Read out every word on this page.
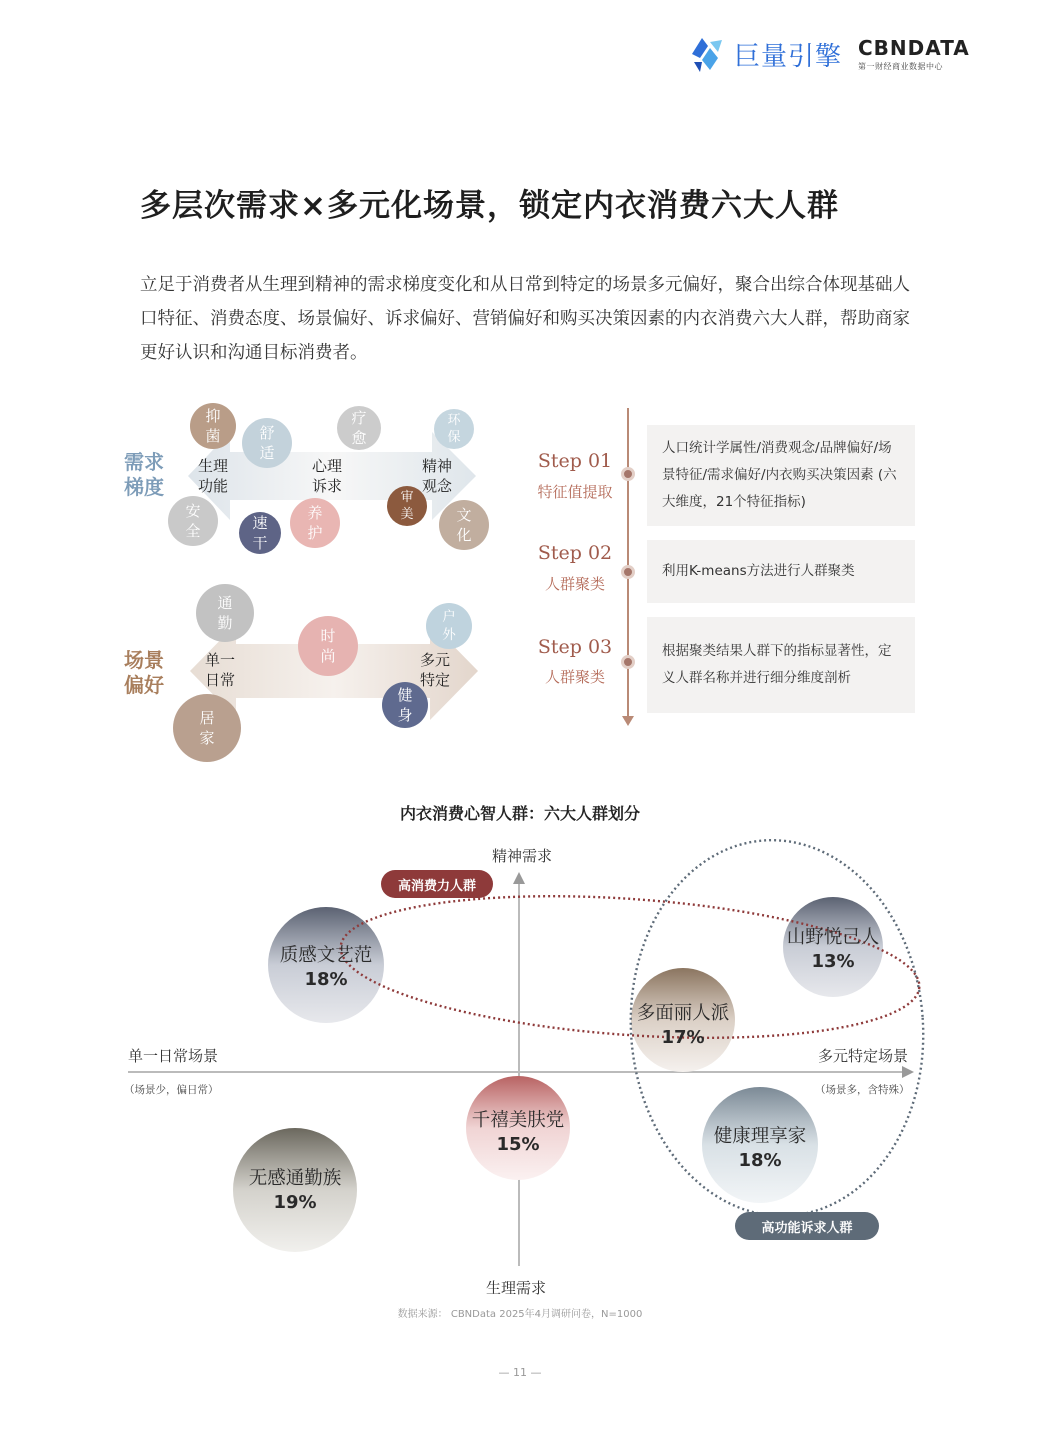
巨量引擎 CBNDATA
第一财经商业数据中心
多层次需求×多元化场景，锁定内衣消费六大人群
立足于消费者从生理到精神的需求梯度变化和从日常到特定的场景多元偏好，聚合出综合体现基础人口特征、消费态度、场景偏好、诉求偏好、营销偏好和购买决策因素的内衣消费六大人群，帮助商家更好认识和沟通目标消费者。
需求
梯度
生理
功能
心理
诉求
精神
观念
抑
菌	舒
适
疗
愈
环
保
安
全	速
干
养
护
审
美	文
化
场景
偏好
单一
日常
多元
特定
通
勤
时
尚
户
外
健
身
居
家
Step 01
特征值提取
人口统计学属性/消费观念/品牌偏好/场景特征/需求偏好/内衣购买决策因素 (六大维度，21个特征指标)
Step 02
人群聚类
利用K-means方法进行人群聚类
Step 03
人群聚类
根据聚类结果人群下的指标显著性，定义人群名称并进行细分维度剖析
内衣消费心智人群：六大人群划分
精神需求
生理需求
单一日常场景
（场景少，偏日常）
多元特定场景
（场景多，含特殊）
高消费力人群
高功能诉求人群
质感文艺范
18%
山野悦己人
13%
多面丽人派
17%
千禧美肤党
15%	健康理享家
18%
无感通勤族
19%
数据来源： CBNData 2025年4月调研问卷，N=1000
— 11 —
